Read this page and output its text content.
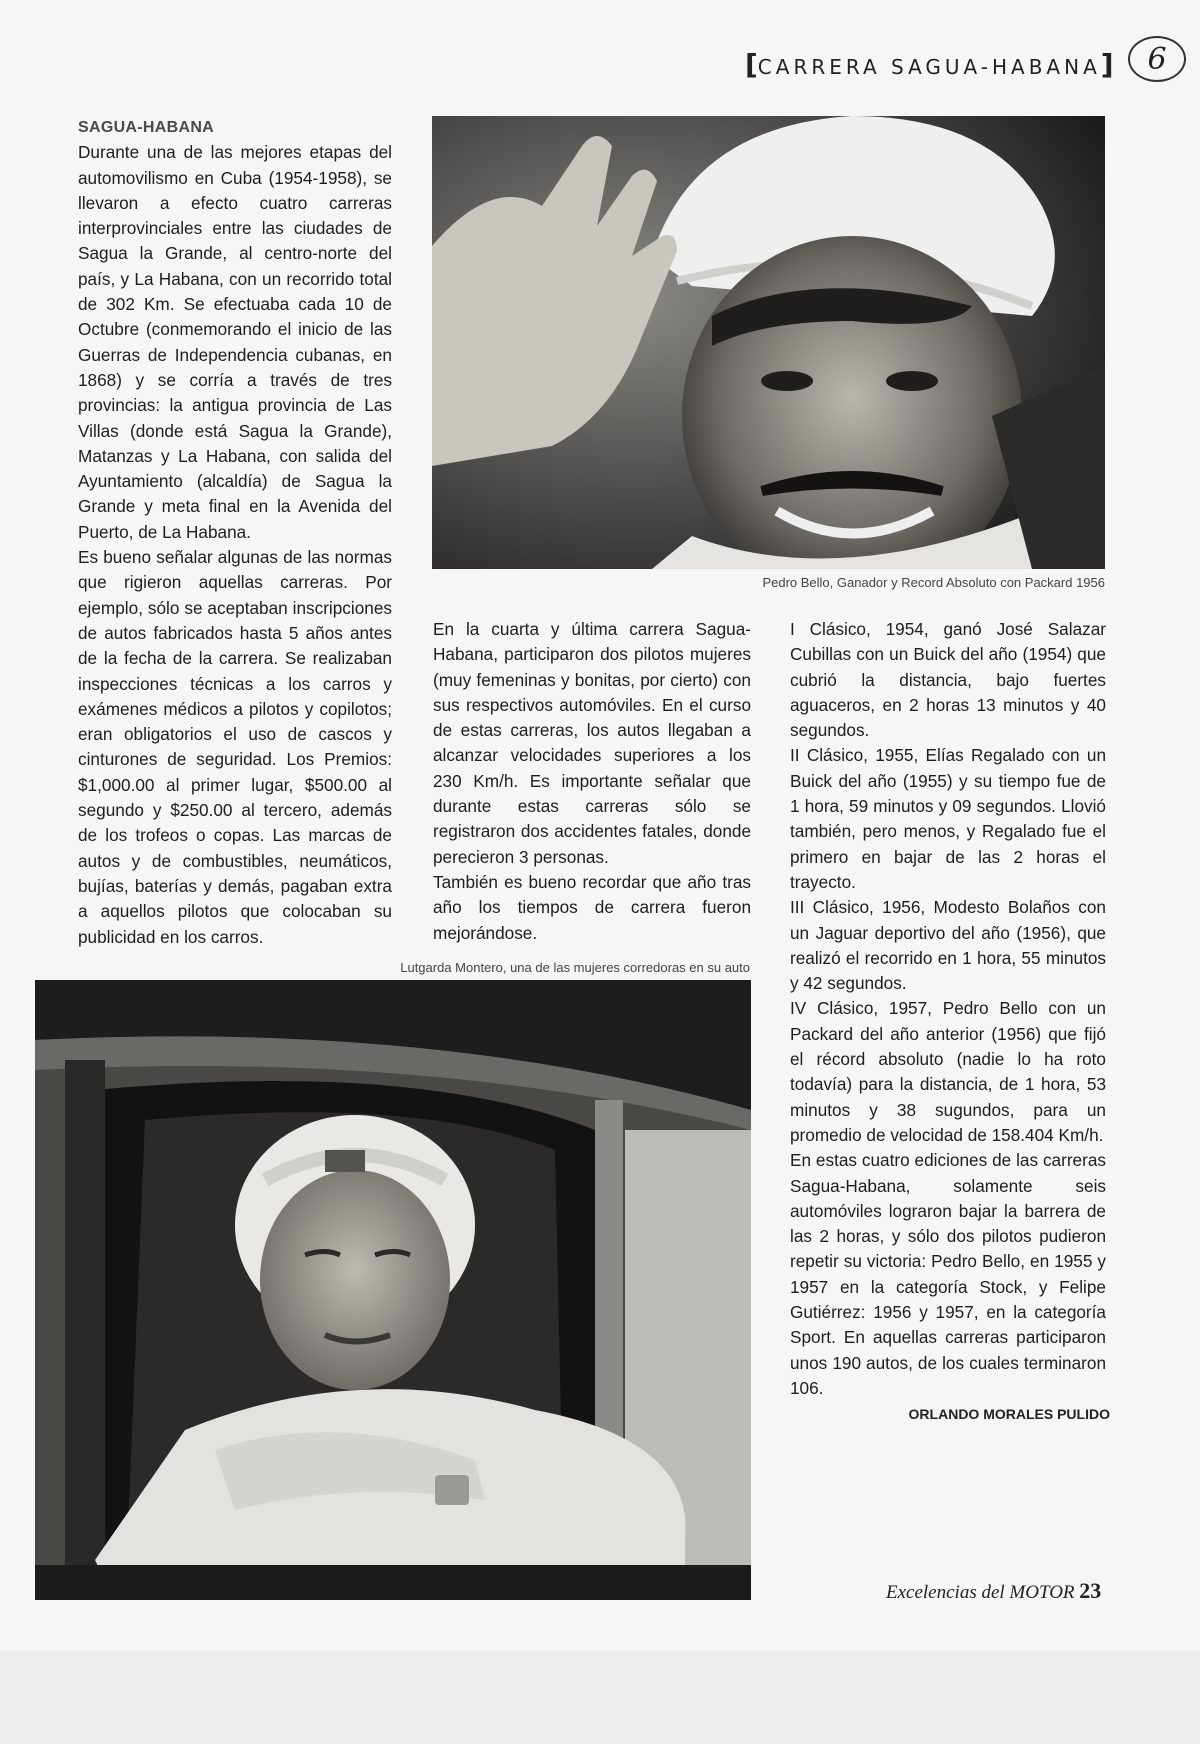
[CARRERA SAGUA-HABANA] 6
SAGUA-HABANA

Durante una de las mejores etapas del automovilismo en Cuba (1954-1958), se llevaron a efecto cuatro carreras interprovinciales entre las ciudades de Sagua la Grande, al centro-norte del país, y La Habana, con un recorrido total de 302 Km. Se efectuaba cada 10 de Octubre (conmemorando el inicio de las Guerras de Independencia cubanas, en 1868) y se corría a través de tres provincias: la antigua provincia de Las Villas (donde está Sagua la Grande), Matanzas y La Habana, con salida del Ayuntamiento (alcaldía) de Sagua la Grande y meta final en la Avenida del Puerto, de La Habana.

Es bueno señalar algunas de las normas que rigieron aquellas carreras. Por ejemplo, sólo se aceptaban inscripciones de autos fabricados hasta 5 años antes de la fecha de la carrera. Se realizaban inspecciones técnicas a los carros y exámenes médicos a pilotos y copilotos; eran obligatorios el uso de cascos y cinturones de seguridad. Los Premios: $1,000.00 al primer lugar, $500.00 al segundo y $250.00 al tercero, además de los trofeos o copas. Las marcas de autos y de combustibles, neumáticos, bujías, baterías y demás, pagaban extra a aquellos pilotos que colocaban su publicidad en los carros.

Pedro Bello, Ganador y Record Absoluto con Packard 1956

En la cuarta y última carrera Sagua-Habana, participaron dos pilotos mujeres (muy femeninas y bonitas, por cierto) con sus respectivos automóviles. En el curso de estas carreras, los autos llegaban a alcanzar velocidades superiores a los 230 Km/h. Es importante señalar que durante estas carreras sólo se registraron dos accidentes fatales, donde perecieron 3 personas.

También es bueno recordar que año tras año los tiempos de carrera fueron mejorándose.

I Clásico, 1954, ganó José Salazar Cubillas con un Buick del año (1954) que cubrió la distancia, bajo fuertes aguaceros, en 2 horas 13 minutos y 40 segundos.

II Clásico, 1955, Elías Regalado con un Buick del año (1955) y su tiempo fue de 1 hora, 59 minutos y 09 segundos. Llovió también, pero menos, y Regalado fue el primero en bajar de las 2 horas el trayecto.

III Clásico, 1956, Modesto Bolaños con un Jaguar deportivo del año (1956), que realizó el recorrido en 1 hora, 55 minutos y 42 segundos.

IV Clásico, 1957, Pedro Bello con un Packard del año anterior (1956) que fijó el récord absoluto (nadie lo ha roto todavía) para la distancia, de 1 hora, 53 minutos y 38 sugundos, para un promedio de velocidad de 158.404 Km/h.

En estas cuatro ediciones de las carreras Sagua-Habana, solamente seis automóviles lograron bajar la barrera de las 2 horas, y sólo dos pilotos pudieron repetir su victoria: Pedro Bello, en 1955 y 1957 en la categoría Stock, y Felipe Gutiérrez: 1956 y 1957, en la categoría Sport. En aquellas carreras participaron unos 190 autos, de los cuales terminaron 106.

ORLANDO MORALES PULIDO
Lutgarda Montero, una de las mujeres corredoras en su auto
Excelencias del MOTOR 23
